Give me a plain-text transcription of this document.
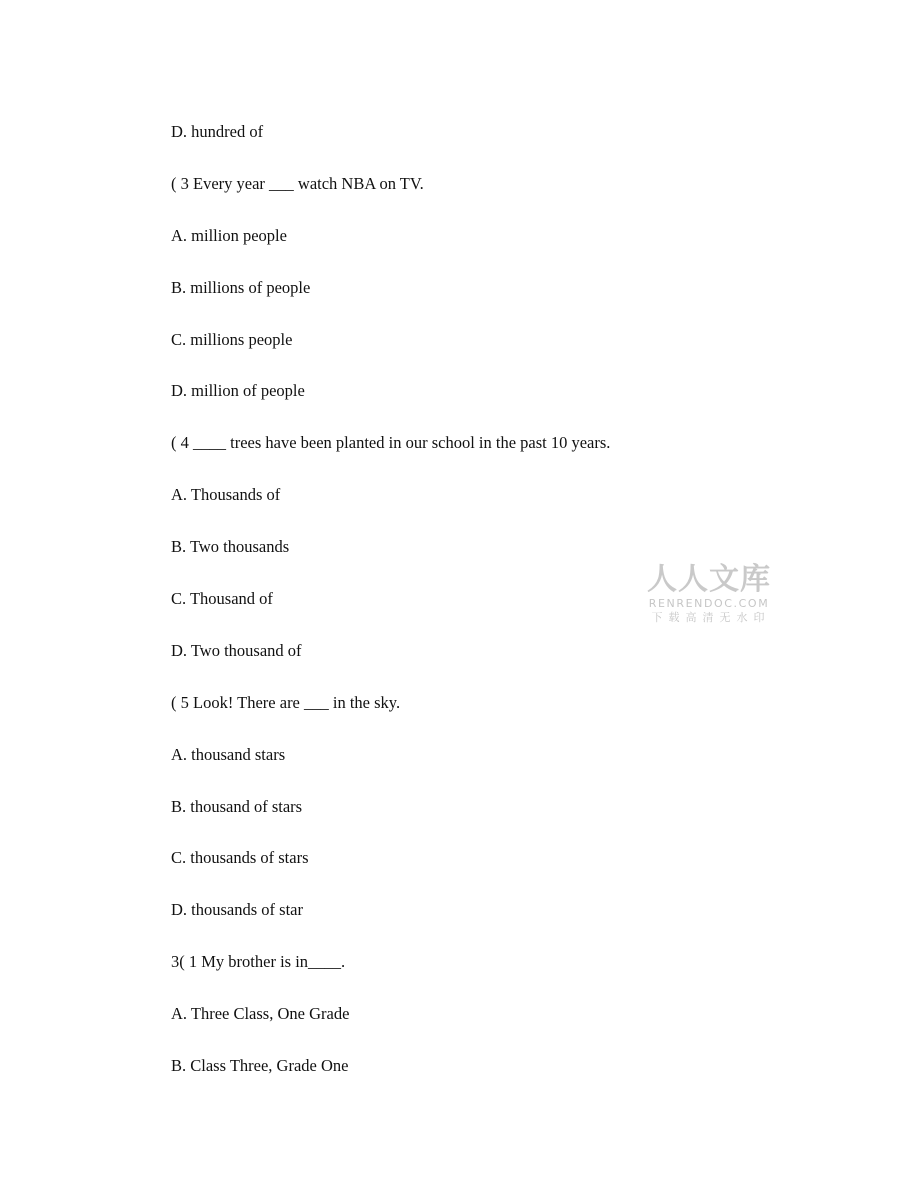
D. hundred of
( 3 Every year ___ watch NBA on TV.
A. million people
B. millions of people
C. millions people
D. million of people
( 4 ____ trees have been planted in our school in the past 10 years.
A. Thousands of
B. Two thousands
C. Thousand of
D. Two thousand of
( 5 Look! There are ___ in the sky.
A. thousand stars
B. thousand of stars
C. thousands of stars
D. thousands of star
3( 1 My brother is in____.
A. Three Class, One Grade
B. Class Three, Grade One
人人文库
RENRENDOC.COM
下载高清无水印
